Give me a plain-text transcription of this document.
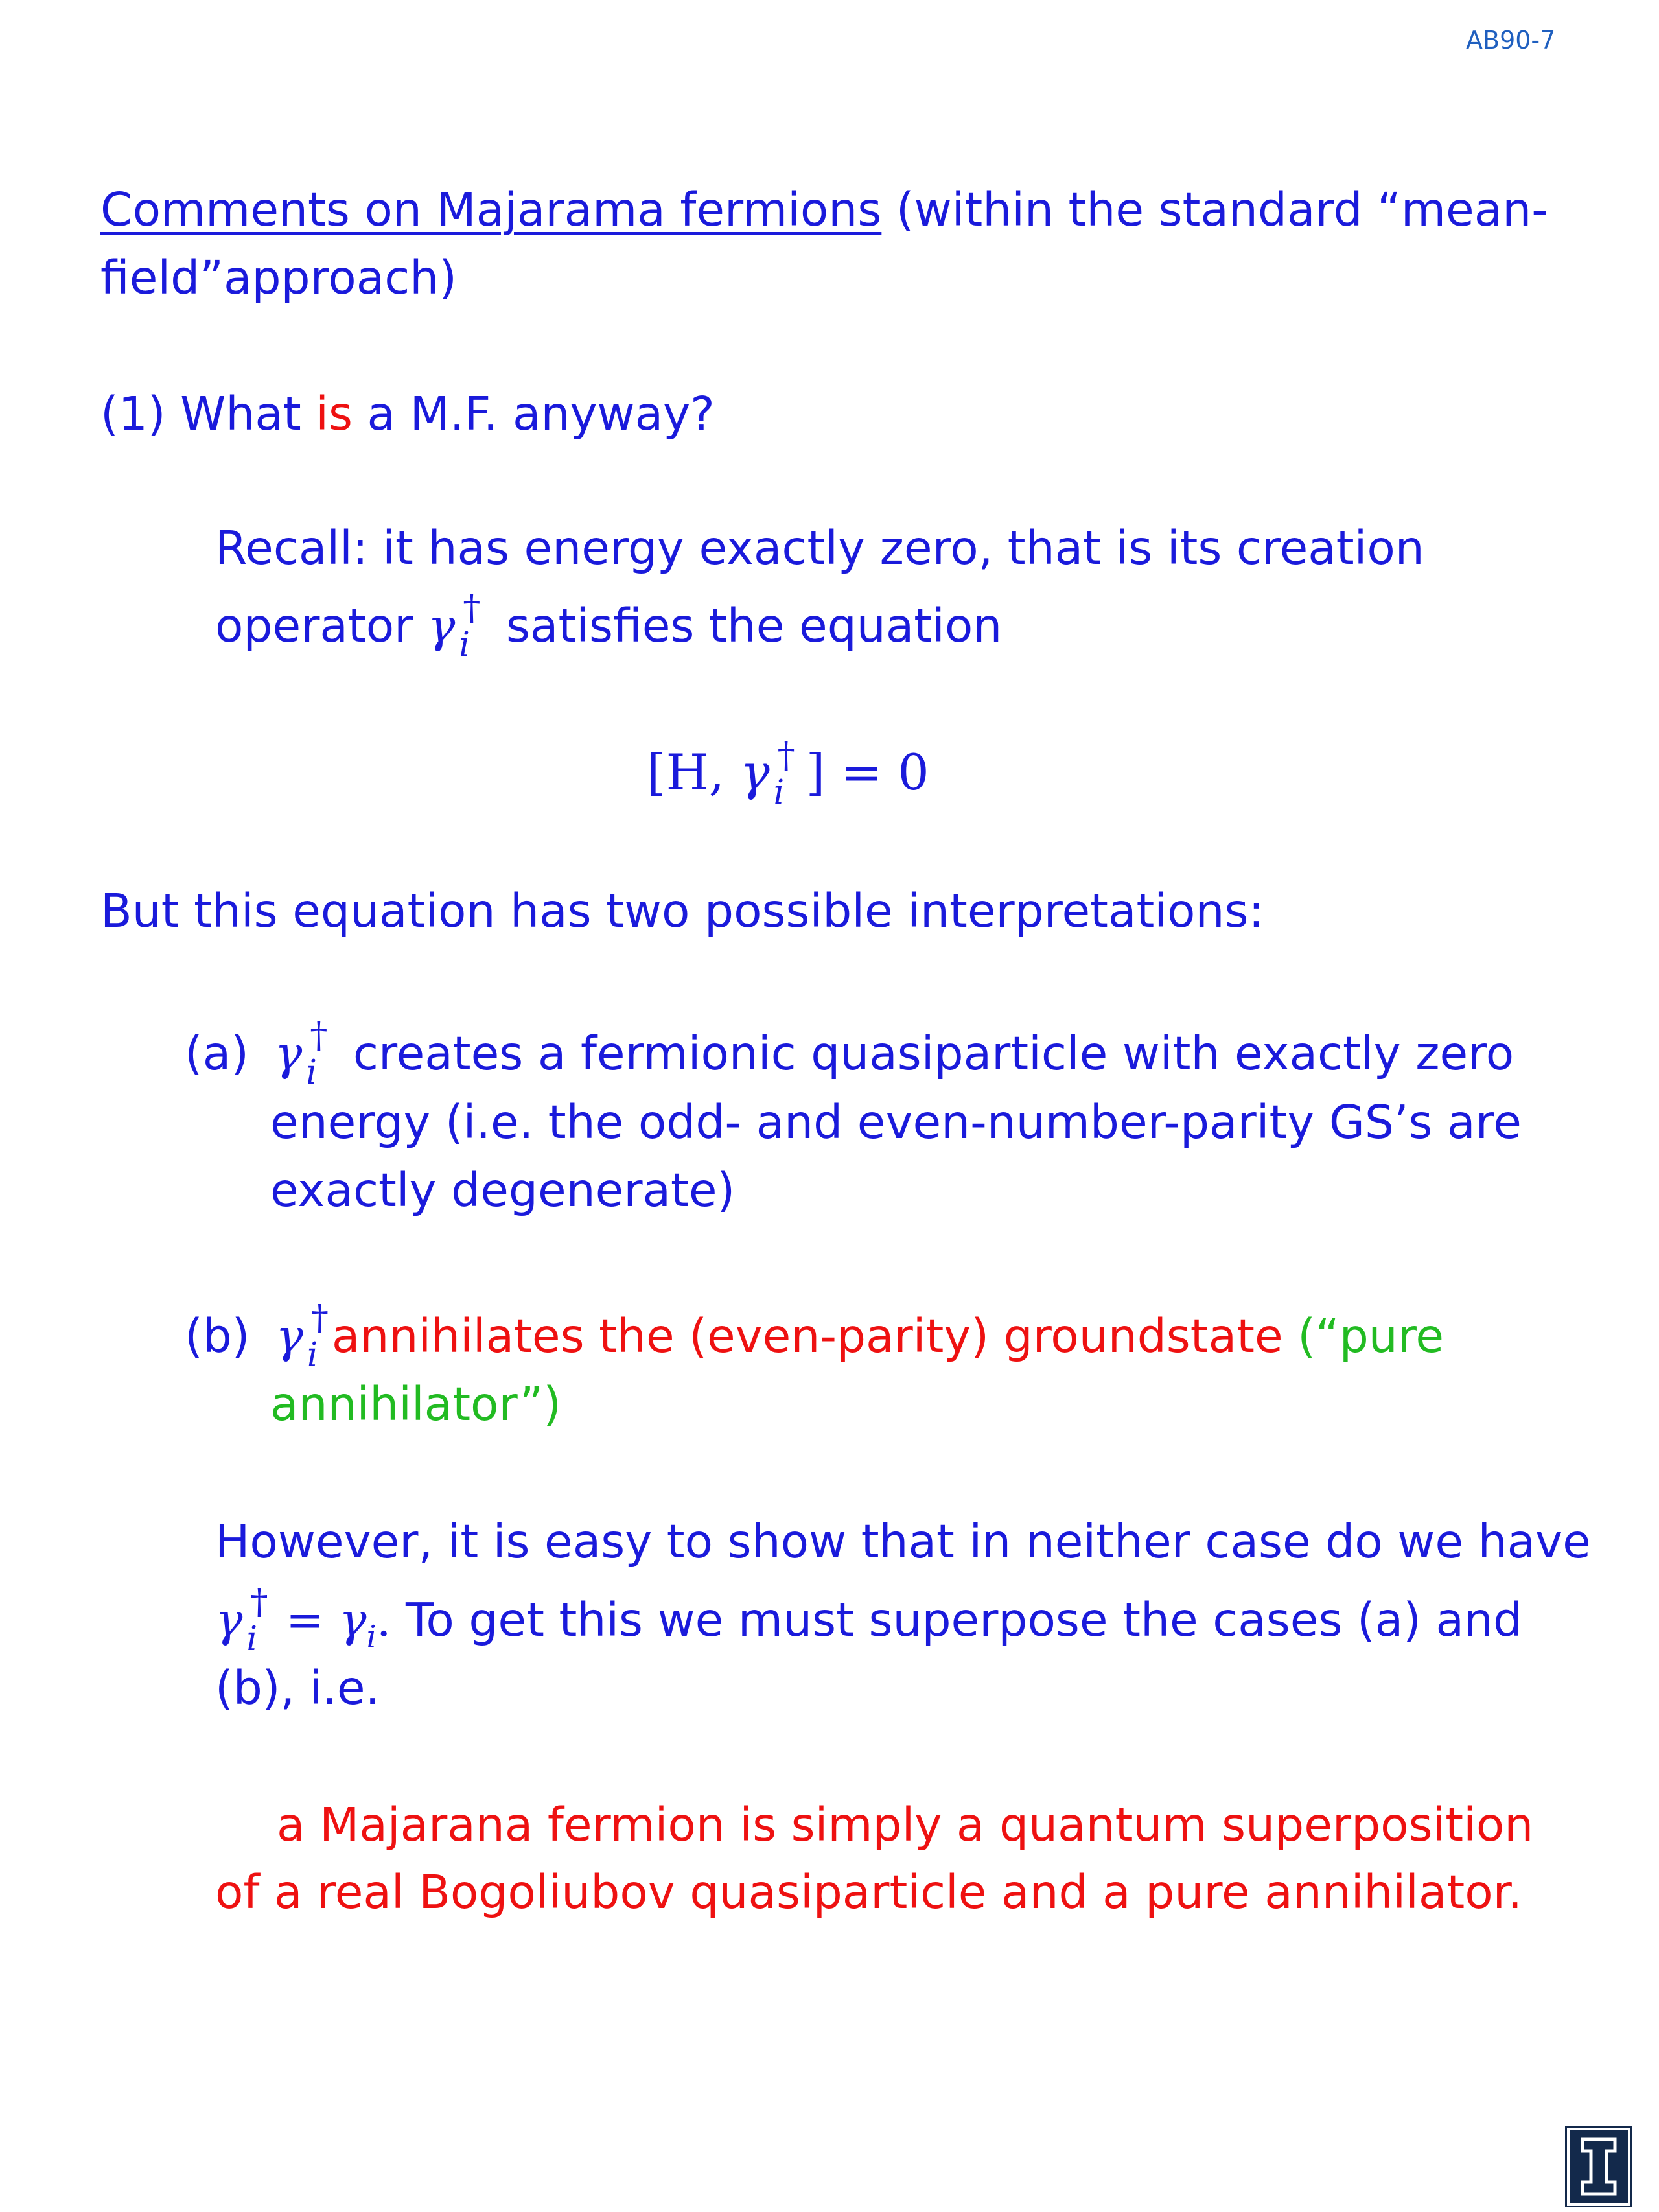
AB90-7
Comments on Majarama fermions (within the standard “mean-
field”approach)
(1) What is a M.F. anyway?
Recall: it has energy exactly zero, that is its creation
operator γ †
i satisfies the equation
[H, γ †
i ] = 0
But this equation has two possible interpretations:
(a) γ †
i creates a fermionic quasiparticle with exactly zero
energy (i.e. the odd- and even-number-parity GS’s are
exactly degenerate)
(b) γ †
i annihilates the (even-parity) groundstate (“pure
annihilator”)
However, it is easy to show that in neither case do we have
γ †
$i = \gamma_i$. To get this we must superpose the cases (a) and
(b), i.e.
a Majarana fermion is simply a quantum superposition
of a real Bogoliubov quasiparticle and a pure annihilator.
